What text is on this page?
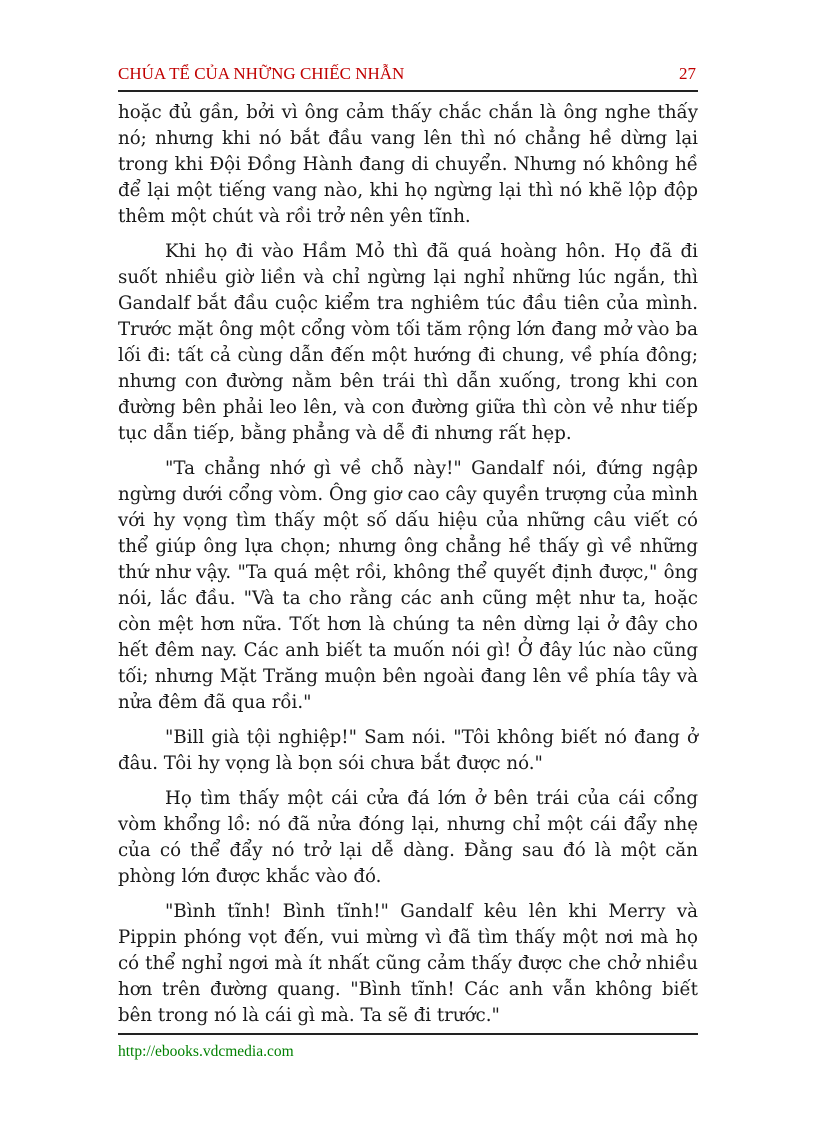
CHÚA TỂ CỦA NHỮNG CHIẾC NHẪN	27

hoặc đủ gần, bởi vì ông cảm thấy chắc chắn là ông nghe thấy nó; nhưng khi nó bắt đầu vang lên thì nó chẳng hề dừng lại trong khi Đội Đồng Hành đang di chuyển. Nhưng nó không hề để lại một tiếng vang nào, khi họ ngừng lại thì nó khẽ lộp độp thêm một chút và rồi trở nên yên tĩnh.

Khi họ đi vào Hầm Mỏ thì đã quá hoàng hôn. Họ đã đi suốt nhiều giờ liền và chỉ ngừng lại nghỉ những lúc ngắn, thì Gandalf bắt đầu cuộc kiểm tra nghiêm túc đầu tiên của mình. Trước mặt ông một cổng vòm tối tăm rộng lớn đang mở vào ba lối đi: tất cả cùng dẫn đến một hướng đi chung, về phía đông; nhưng con đường nằm bên trái thì dẫn xuống, trong khi con đường bên phải leo lên, và con đường giữa thì còn vẻ như tiếp tục dẫn tiếp, bằng phẳng và dễ đi nhưng rất hẹp.

"Ta chẳng nhớ gì về chỗ này!" Gandalf nói, đứng ngập ngừng dưới cổng vòm. Ông giơ cao cây quyền trượng của mình với hy vọng tìm thấy một số dấu hiệu của những câu viết có thể giúp ông lựa chọn; nhưng ông chẳng hề thấy gì về những thứ như vậy. "Ta quá mệt rồi, không thể quyết định được," ông nói, lắc đầu. "Và ta cho rằng các anh cũng mệt như ta, hoặc còn mệt hơn nữa. Tốt hơn là chúng ta nên dừng lại ở đây cho hết đêm nay. Các anh biết ta muốn nói gì! Ở đây lúc nào cũng tối; nhưng Mặt Trăng muộn bên ngoài đang lên về phía tây và nửa đêm đã qua rồi."

"Bill già tội nghiệp!" Sam nói. "Tôi không biết nó đang ở đâu. Tôi hy vọng là bọn sói chưa bắt được nó."

Họ tìm thấy một cái cửa đá lớn ở bên trái của cái cổng vòm khổng lồ: nó đã nửa đóng lại, nhưng chỉ một cái đẩy nhẹ của có thể đẩy nó trở lại dễ dàng. Đằng sau đó là một căn phòng lớn được khắc vào đó.

"Bình tĩnh! Bình tĩnh!" Gandalf kêu lên khi Merry và Pippin phóng vọt đến, vui mừng vì đã tìm thấy một nơi mà họ có thể nghỉ ngơi mà ít nhất cũng cảm thấy được che chở nhiều hơn trên đường quang. "Bình tĩnh! Các anh vẫn không biết bên trong nó là cái gì mà. Ta sẽ đi trước."

http://ebooks.vdcmedia.com
